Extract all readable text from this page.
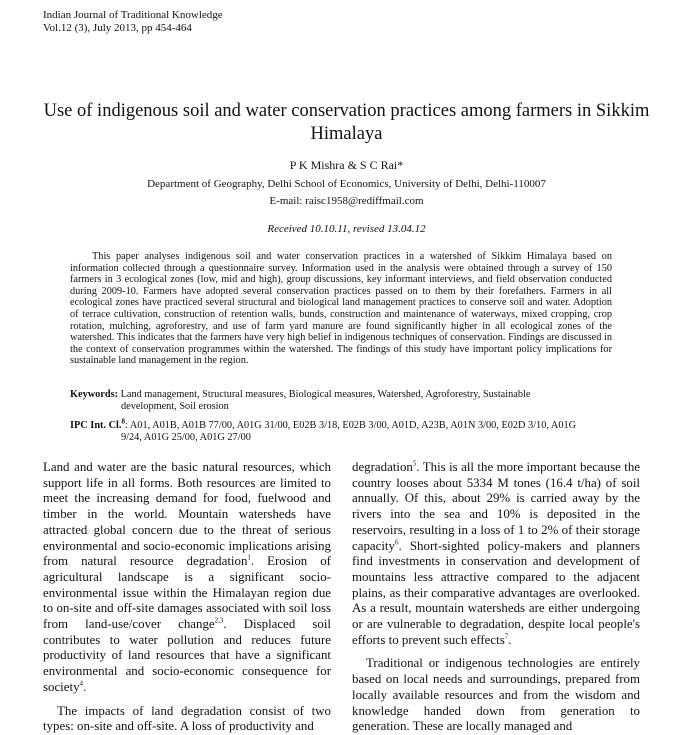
Indian Journal of Traditional Knowledge
Vol.12 (3), July 2013, pp 454-464
Use of indigenous soil and water conservation practices among farmers in Sikkim Himalaya
P K Mishra & S C Rai*
Department of Geography, Delhi School of Economics, University of Delhi, Delhi-110007
E-mail: raisc1958@rediffmail.com
Received 10.10.11, revised 13.04.12

This paper analyses indigenous soil and water conservation practices in a watershed of Sikkim Himalaya based on information collected through a questionnaire survey. Information used in the analysis were obtained through a survey of 150 farmers in 3 ecological zones (low, mid and high), group discussions, key informant interviews, and field observation conducted during 2009-10. Farmers have adopted several conservation practices passed on to them by their forefathers. Farmers in all ecological zones have practiced several structural and biological land management practices to conserve soil and water. Adoption of terrace cultivation, construction of retention walls, bunds, construction and maintenance of waterways, mixed cropping, crop rotation, mulching, agroforestry, and use of farm yard manure are found significantly higher in all ecological zones of the watershed. This indicates that the farmers have very high belief in indigenous techniques of conservation. Findings are discussed in the context of conservation programmes within the watershed. The findings of this study have important policy implications for sustainable land management in the region.

Keywords: Land management, Structural measures, Biological measures, Watershed, Agroforestry, Sustainable
development, Soil erosion
IPC Int. Cl.$^8$: A01, A01B, A01B 77/00, A01G 31/00, E02B 3/18, E02B 3/00, A01D, A23B, A01N 3/00, E02D 3/10, A01G
9/24, A01G 25/00, A01G 27/00

Land and water are the basic natural resources, which support life in all forms. Both resources are limited to meet the increasing demand for food, fuelwood and timber in the world. Mountain watersheds have attracted global concern due to the threat of serious environmental and socio-economic implications arising from natural resource degradation$^1$. Erosion of agricultural landscape is a significant socio-environmental issue within the Himalayan region due to on-site and off-site damages associated with soil loss from land-use/cover change$^{2,3}$. Displaced soil contributes to water pollution and reduces future productivity of land resources that have a significant environmental and socio-economic consequence for society$^4$.

The impacts of land degradation consist of two types: on-site and off-site. A loss of productivity and

degradation$^5$. This is all the more important because the country looses about 5334 M tones (16.4 t/ha) of soil annually. Of this, about 29% is carried away by the rivers into the sea and 10% is deposited in the reservoirs, resulting in a loss of 1 to 2% of their storage capacity$^6$. Short-sighted policy-makers and planners find investments in conservation and development of mountains less attractive compared to the adjacent plains, as their comparative advantages are overlooked. As a result, mountain watersheds are either undergoing or are vulnerable to degradation, despite local people's efforts to prevent such effects$^7$.

Traditional or indigenous technologies are entirely based on local needs and surroundings, prepared from locally available resources and from the wisdom and knowledge handed down from generation to generation. These are locally managed and
